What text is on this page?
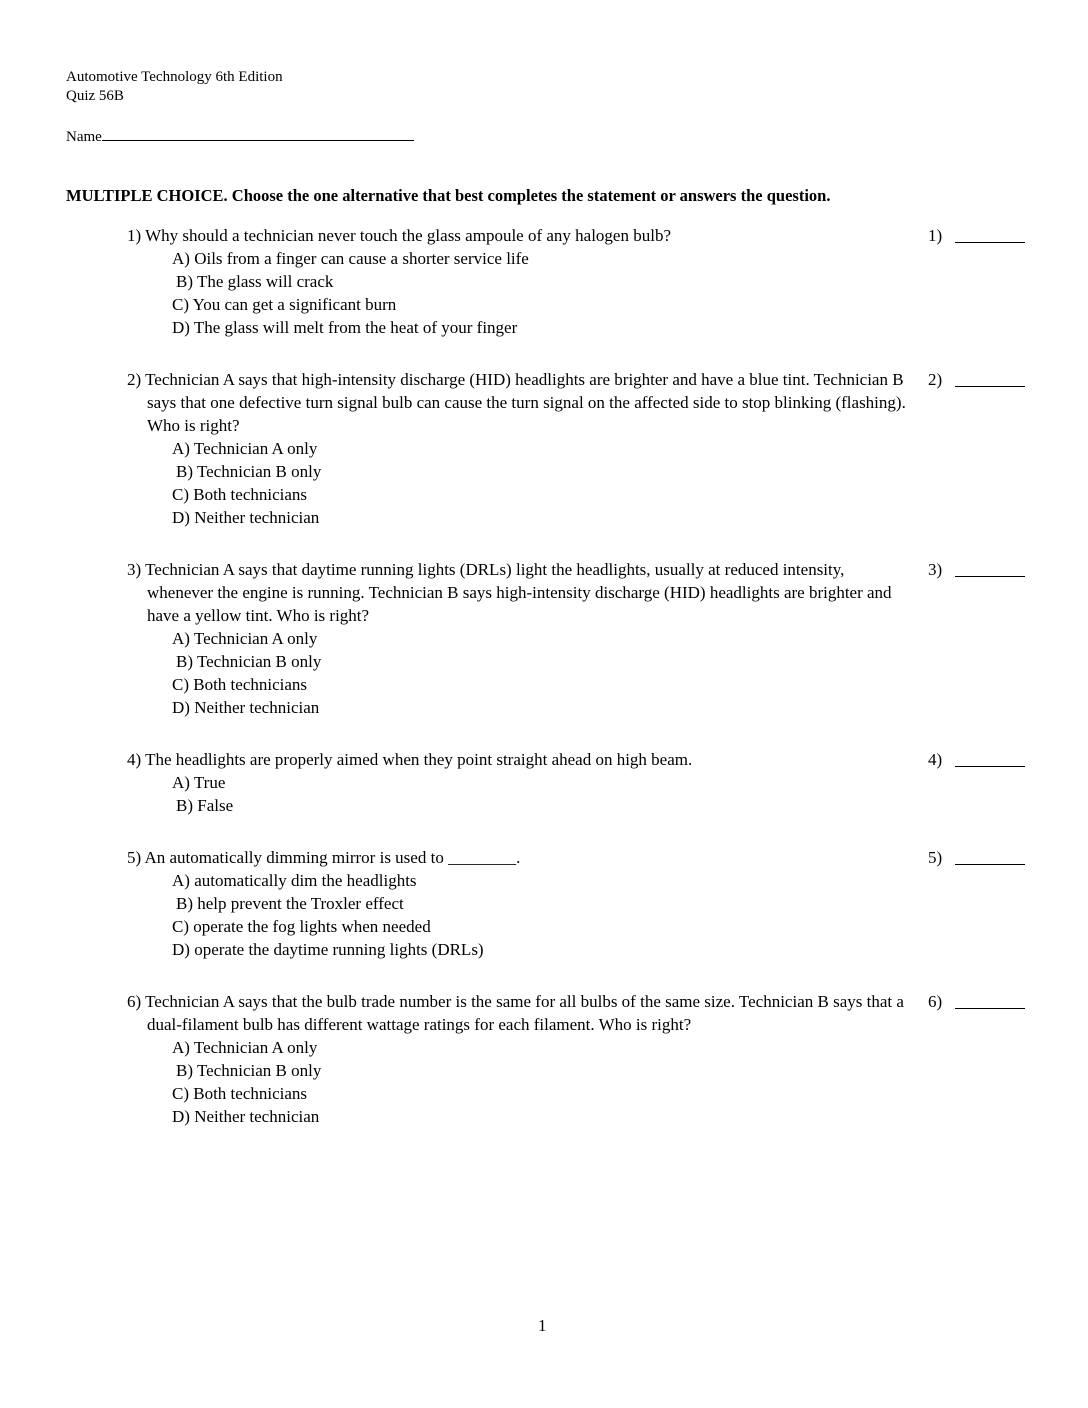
Automotive Technology 6th Edition
Quiz 56B
Name
MULTIPLE CHOICE. Choose the one alternative that best completes the statement or answers the question.
1) Why should a technician never touch the glass ampoule of any halogen bulb?
A) Oils from a finger can cause a shorter service life
B) The glass will crack
C) You can get a significant burn
D) The glass will melt from the heat of your finger
1)
2) Technician A says that high-intensity discharge (HID) headlights are brighter and have a blue tint. Technician B says that one defective turn signal bulb can cause the turn signal on the affected side to stop blinking (flashing). Who is right?
A) Technician A only
B) Technician B only
C) Both technicians
D) Neither technician
2)
3) Technician A says that daytime running lights (DRLs) light the headlights, usually at reduced intensity, whenever the engine is running. Technician B says high-intensity discharge (HID) headlights are brighter and have a yellow tint. Who is right?
A) Technician A only
B) Technician B only
C) Both technicians
D) Neither technician
3)
4) The headlights are properly aimed when they point straight ahead on high beam.
A) True
B) False
4)
5) An automatically dimming mirror is used to ________.
A) automatically dim the headlights
B) help prevent the Troxler effect
C) operate the fog lights when needed
D) operate the daytime running lights (DRLs)
5)
6) Technician A says that the bulb trade number is the same for all bulbs of the same size. Technician B says that a dual-filament bulb has different wattage ratings for each filament. Who is right?
A) Technician A only
B) Technician B only
C) Both technicians
D) Neither technician
6)
1
